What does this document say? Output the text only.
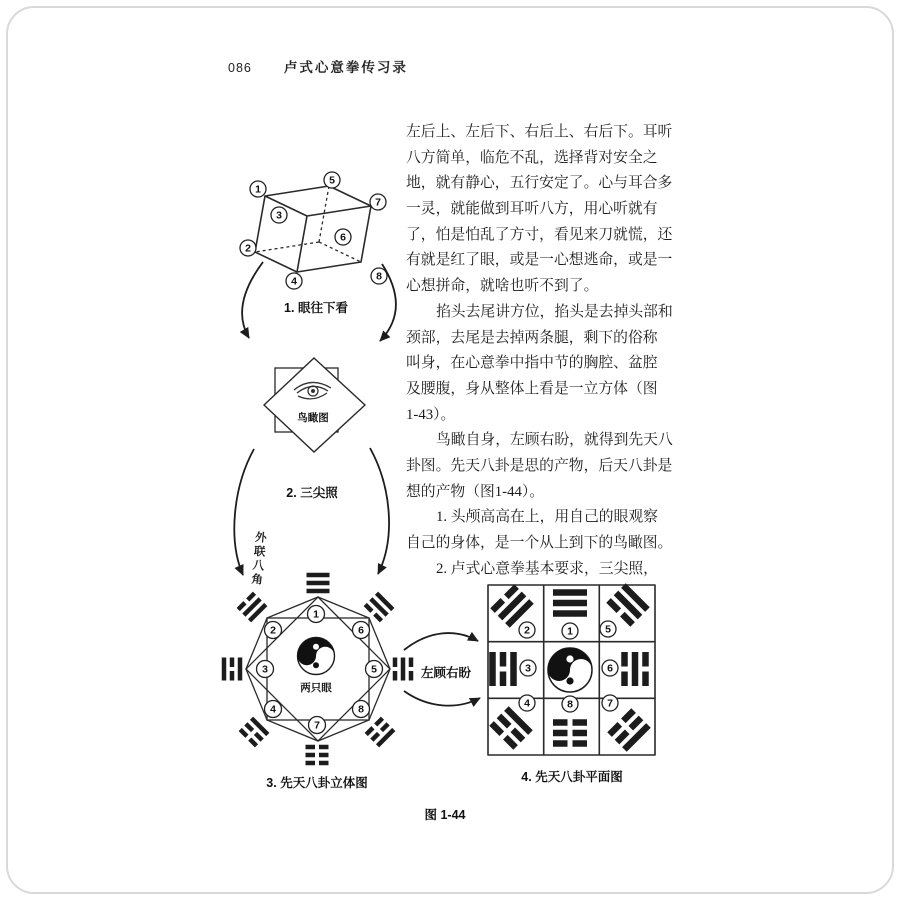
086 卢式心意拳传习录
左后上、左后下、右后上、右后下。耳听
八方简单，临危不乱，选择背对安全之
地，就有静心，五行安定了。心与耳合多
一灵，就能做到耳听八方，用心听就有
了，怕是怕乱了方寸，看见来刀就慌，还
有就是红了眼，或是一心想逃命，或是一
心想拼命，就啥也听不到了。
掐头去尾讲方位，掐头是去掉头部和
颈部，去尾是去掉两条腿，剩下的俗称
叫身，在心意拳中指中节的胸腔、盆腔
及腰腹，身从整体上看是一立方体（图
1-43）。
鸟瞰自身，左顾右盼，就得到先天八
卦图。先天八卦是思的产物，后天八卦是
想的产物（图1-44）。
1. 头颅高高在上，用自己的眼观察
自己的身体，是一个从上到下的鸟瞰图。
2. 卢式心意拳基本要求，三尖照，
外联八角
1
2
3
4
5
6
7
8
1. 眼往下看
鸟瞰图
2. 三尖照
1
2
3
4
5
6
7
8
两只眼
左顾右盼
2	1	5
3	6
4	8	7
3. 先天八卦立体图	4. 先天八卦平面图
图 1-44
